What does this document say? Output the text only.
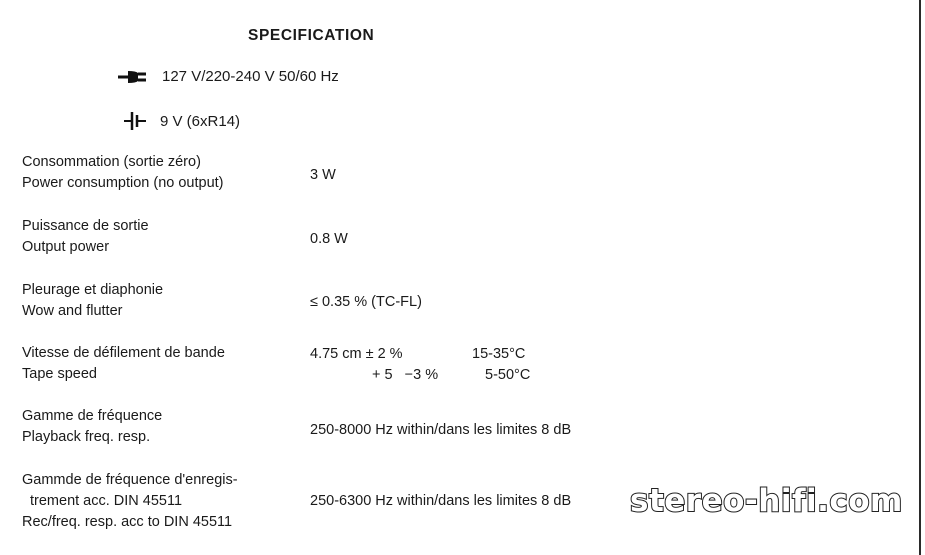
SPECIFICATION
127 V/220-240 V 50/60 Hz
9 V (6xR14)
Consommation (sortie zéro)
Power consumption (no output)	3 W
Puissance de sortie
Output power	0.8 W
Pleurage et diaphonie
Wow and flutter
≤ 0.35 % (TC-FL)
Vitesse de défilement de bande
Tape speed
4.75 cm ± 2 %	15-35°C
+ 5   −3 %	5-50°C
Gamme de fréquence
Playback freq. resp.	250-8000 Hz within/dans les limites 8 dB
Gammde de fréquence d'enregis-
trement acc. DIN 45511
Rec/freq. resp. acc to DIN 45511
250-6300 Hz within/dans les limites 8 dB stereo-hifi.com
